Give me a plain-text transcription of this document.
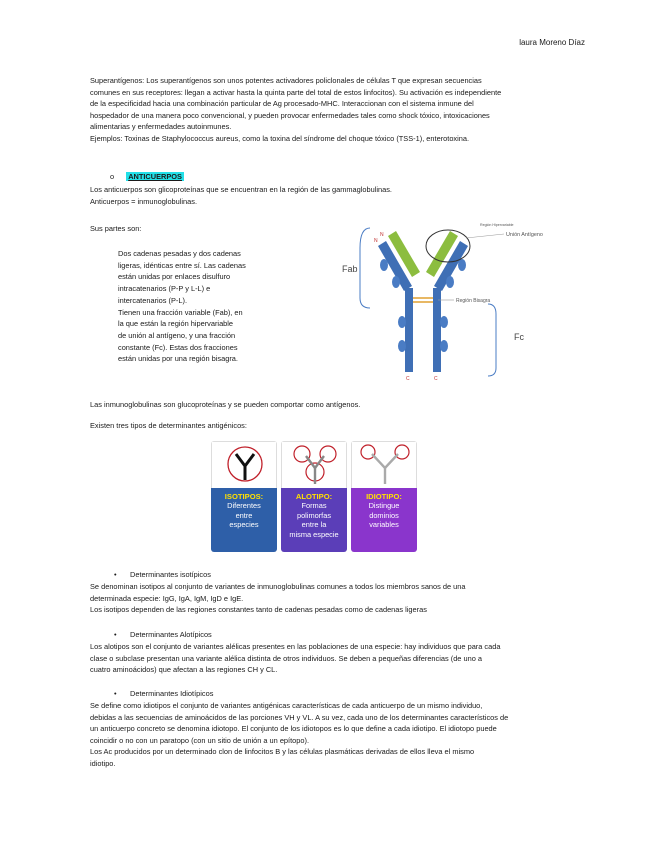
laura Moreno Díaz
Superantígenos: Los superantígenos son unos potentes activadores policlonales de células T que expresan secuencias
comunes en sus receptores: llegan a activar hasta la quinta parte del total de estos linfocitos). Su activación es independiente
de la especificidad hacia una combinación particular de Ag procesado-MHC. Interaccionan con el sistema inmune del
hospedador de una manera poco convencional, y pueden provocar enfermedades tales como shock tóxico, intoxicaciones
alimentarias y enfermedades autoinmunes.
Ejemplos: Toxinas de Staphylococcus aureus, como la toxina del síndrome del choque tóxico (TSS-1), enterotoxina.
o ANTICUERPOS
Los anticuerpos son glicoproteínas que se encuentran en la región de las gammaglobulinas.
Anticuerpos = inmunoglobulinas.
Sus partes son:
Dos cadenas pesadas y dos cadenas
ligeras, idénticas entre sí. Las cadenas
están unidas por enlaces disulfuro
intracatenarios (P-P y L-L) e
intercatenarios (P-L).
Tienen una fracción variable (Fab), en
la que están la región hipervariable
de unión al antígeno, y una fracción
constante (Fc). Estas dos fracciones
están unidas por una región bisagra.
Fab
Región Bisagra
Región Hipervariable
Unión Antígeno
N
N
C	C
Fc
Las inmunoglobulinas son glucoproteínas y se pueden comportar como antígenos.
Existen tres tipos de determinantes antigénicos:
ISOTIPOS:
Diferentes
entre
especies
ALOTIPO:
Formas
polimorfas
entre la
misma especie
IDIOTIPO:
Distingue
dominios
variables
• Determinantes isotípicos
Se denominan isotipos al conjunto de variantes de inmunoglobulinas comunes a todos los miembros sanos de una
determinada especie: IgG, IgA, IgM, IgD e IgE.
Los isotipos dependen de las regiones constantes tanto de cadenas pesadas como de cadenas ligeras
• Determinantes Alotípicos
Los alotipos son el conjunto de variantes alélicas presentes en las poblaciones de una especie: hay individuos que para cada
clase o subclase presentan una variante alélica distinta de otros individuos. Se deben a pequeñas diferencias (de uno a
cuatro aminoácidos) que afectan a las regiones CH y CL.
• Determinantes Idiotípicos
Se define como idiotipos el conjunto de variantes antigénicas características de cada anticuerpo de un mismo individuo,
debidas a las secuencias de aminoácidos de las porciones VH y VL. A su vez, cada uno de los determinantes característicos de
un anticuerpo concreto se denomina idiotopo. El conjunto de los idiotopos es lo que define a cada idiotipo. El idiotopo puede
coincidir o no con un paratopo (con un sitio de unión a un epítopo).
Los Ac producidos por un determinado clon de linfocitos B y las células plasmáticas derivadas de ellos lleva el mismo
idiotipo.
